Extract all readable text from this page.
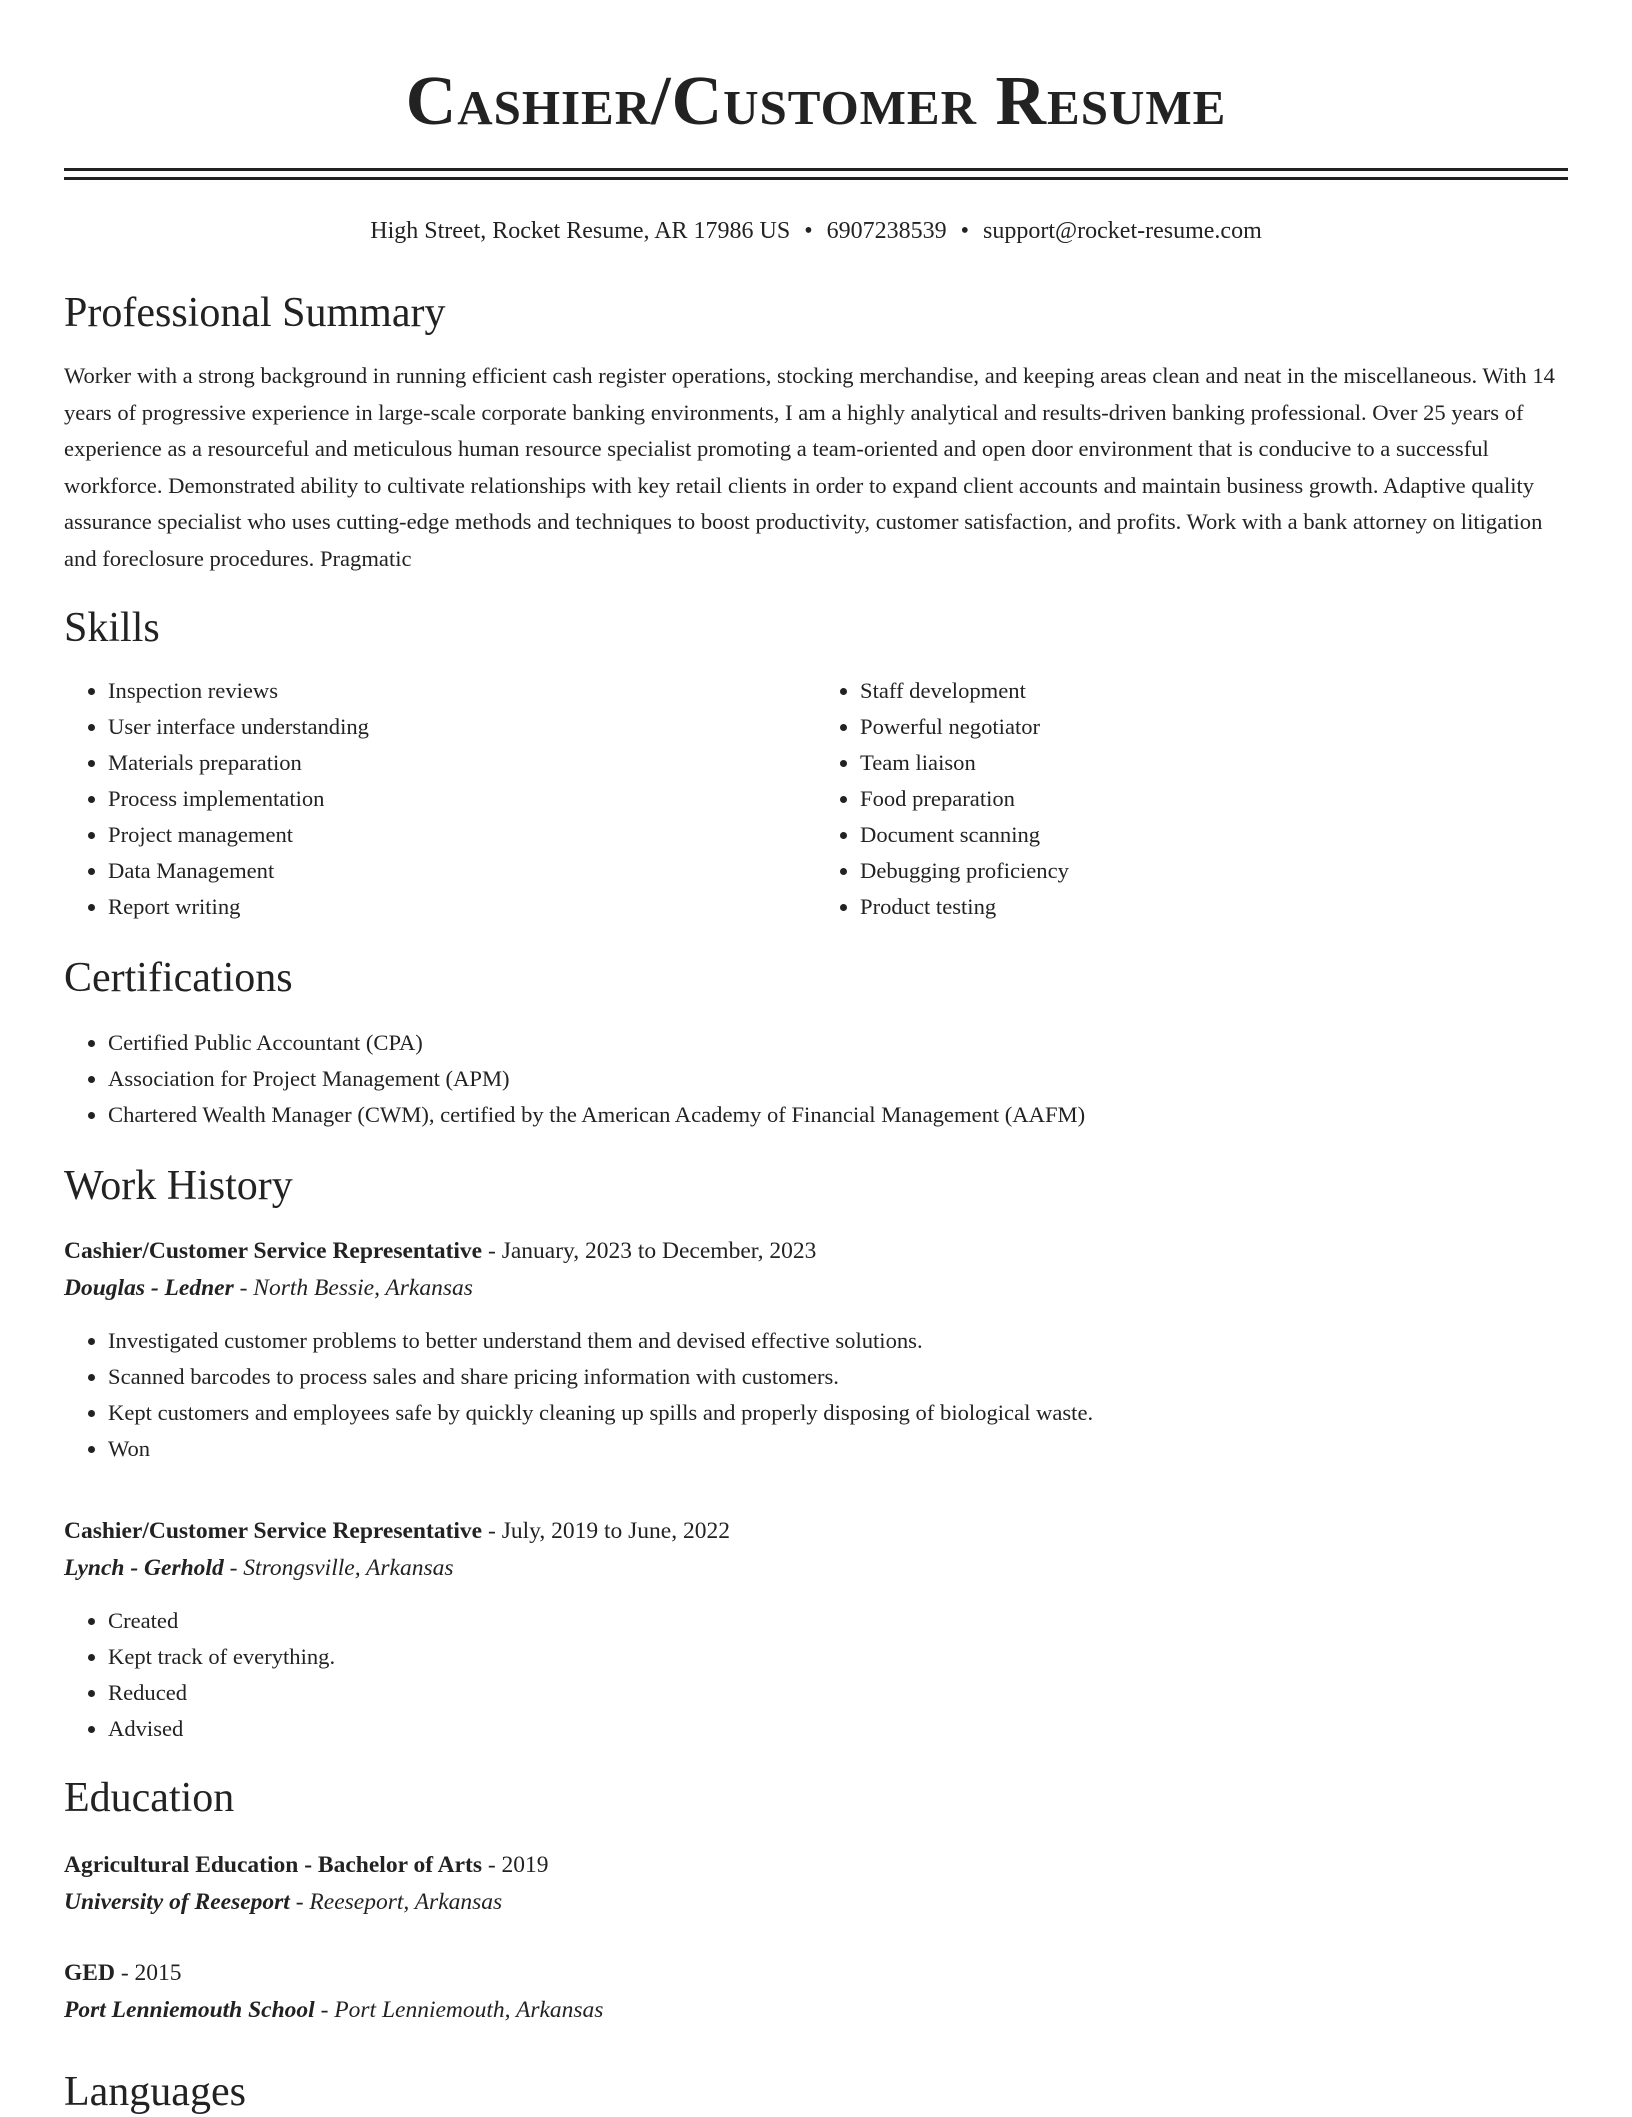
Cashier/Customer Resume
High Street, Rocket Resume, AR 17986 US • 6907238539 • support@rocket-resume.com
Professional Summary

Worker with a strong background in running efficient cash register operations, stocking merchandise, and keeping areas clean and neat in the miscellaneous. With 14 years of progressive experience in large-scale corporate banking environments, I am a highly analytical and results-driven banking professional. Over 25 years of experience as a resourceful and meticulous human resource specialist promoting a team-oriented and open door environment that is conducive to a successful workforce. Demonstrated ability to cultivate relationships with key retail clients in order to expand client accounts and maintain business growth. Adaptive quality assurance specialist who uses cutting-edge methods and techniques to boost productivity, customer satisfaction, and profits. Work with a bank attorney on litigation and foreclosure procedures. Pragmatic

Skills
• Inspection reviews
• User interface understanding
• Materials preparation
• Process implementation
• Project management
• Data Management
• Report writing
• Staff development
• Powerful negotiator
• Team liaison
• Food preparation
• Document scanning
• Debugging proficiency
• Product testing
Certifications
• Certified Public Accountant (CPA)
• Association for Project Management (APM)
• Chartered Wealth Manager (CWM), certified by the American Academy of Financial Management (AAFM)
Work History
Cashier/Customer Service Representative - January, 2023 to December, 2023
Douglas - Ledner - North Bessie, Arkansas
• Investigated customer problems to better understand them and devised effective solutions.
• Scanned barcodes to process sales and share pricing information with customers.
• Kept customers and employees safe by quickly cleaning up spills and properly disposing of biological waste.
• Won
Cashier/Customer Service Representative - July, 2019 to June, 2022
Lynch - Gerhold - Strongsville, Arkansas
• Created
• Kept track of everything.
• Reduced
• Advised
Education
Agricultural Education - Bachelor of Arts - 2019
University of Reeseport - Reeseport, Arkansas
GED - 2015
Port Lenniemouth School - Port Lenniemouth, Arkansas
Languages
